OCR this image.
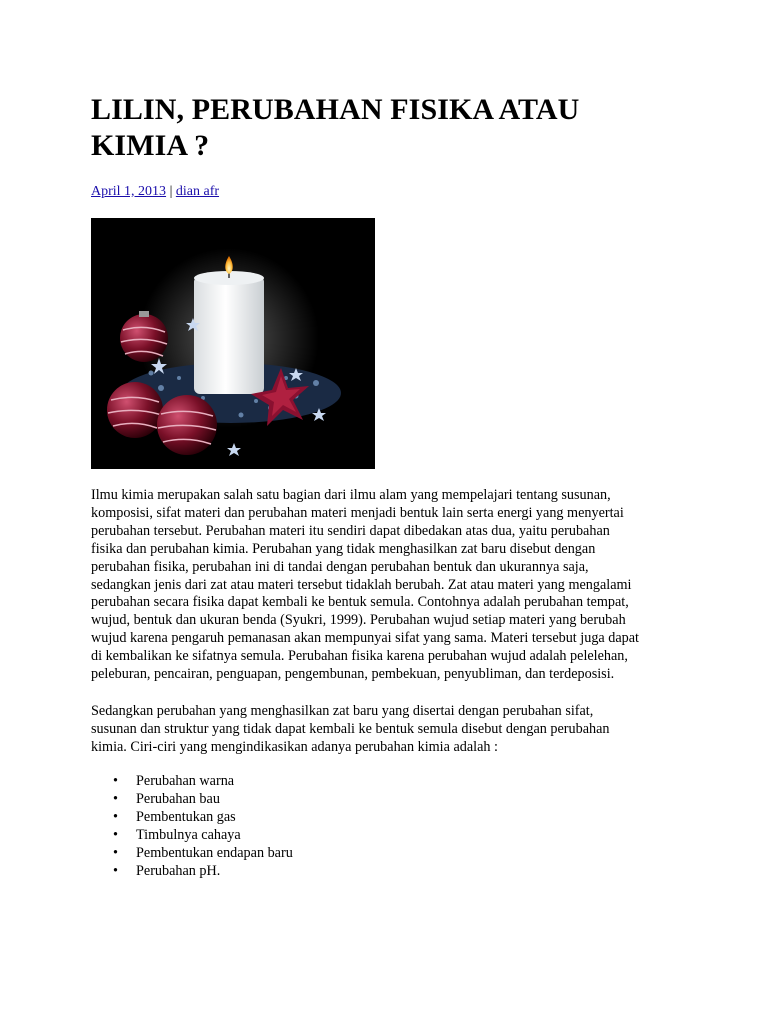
LILIN, PERUBAHAN FISIKA ATAU KIMIA ?
April 1, 2013 | dian afr

Ilmu kimia merupakan salah satu bagian dari ilmu alam yang mempelajari tentang susunan,
komposisi, sifat materi dan perubahan materi menjadi bentuk lain serta energi yang menyertai
perubahan tersebut. Perubahan materi itu sendiri dapat dibedakan atas dua, yaitu perubahan
fisika dan perubahan kimia. Perubahan yang tidak menghasilkan zat baru disebut dengan
perubahan fisika, perubahan ini di tandai dengan perubahan bentuk dan ukurannya saja,
sedangkan jenis dari zat atau materi tersebut tidaklah berubah. Zat atau materi yang mengalami
perubahan secara fisika dapat kembali ke bentuk semula. Contohnya adalah perubahan tempat,
wujud, bentuk dan ukuran benda (Syukri, 1999). Perubahan wujud setiap materi yang berubah
wujud karena pengaruh pemanasan akan mempunyai sifat yang sama. Materi tersebut juga dapat
di kembalikan ke sifatnya semula. Perubahan fisika karena perubahan wujud adalah pelelehan,
peleburan, pencairan, penguapan, pengembunan, pembekuan, penyubliman, dan terdeposisi.

Sedangkan perubahan yang menghasilkan zat baru yang disertai dengan perubahan sifat,
susunan dan struktur yang tidak dapat kembali ke bentuk semula disebut dengan perubahan
kimia. Ciri-ciri yang mengindikasikan adanya perubahan kimia adalah :

• Perubahan warna
• Perubahan bau
• Pembentukan gas
• Timbulnya cahaya
• Pembentukan endapan baru
• Perubahan pH.
